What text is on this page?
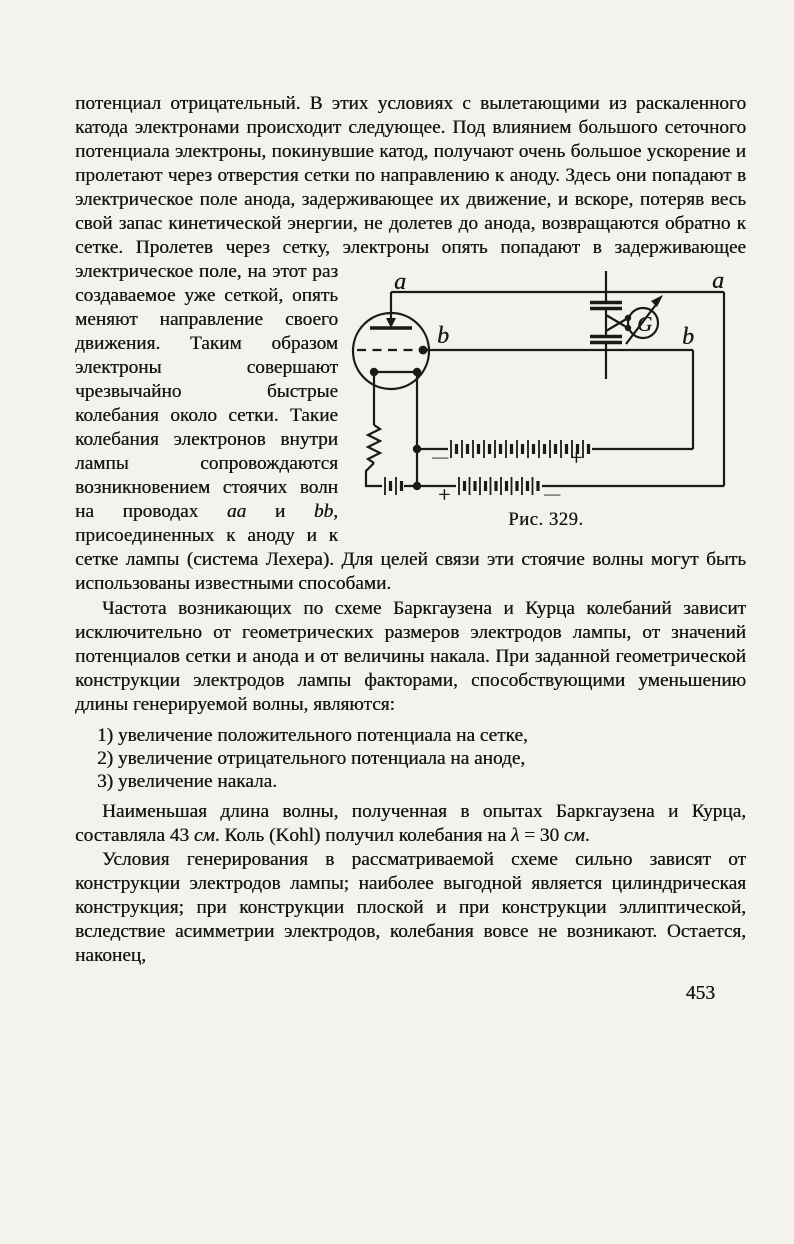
потенциал отрицательный. В этих условиях с вылетающими из раскаленного катода электронами происходит следующее. Под влиянием большого сеточного потенциала электроны, покинувшие катод, получают очень большое ускорение и пролетают через отверстия сетки по направлению к аноду. Здесь они попадают в электрическое поле анода, задерживающее их движение, и вскоре, потеряв весь свой запас кинетической энергии, не долетев до анода, возвращаются обратно к сетке. Пролетев через сетку, электроны опять попадают в
—	+
+	—
G
a	a
b	b
Рис. 329.
задерживающее электрическое поле, на этот раз создаваемое уже сеткой, опять меняют направление своего движения. Таким образом электроны совершают чрезвычайно быстрые колебания около сетки. Такие колебания электронов внутри лампы сопровождаются возникновением стоячих волн на проводах aa и bb, присоединенных к аноду и к сетке лампы (система Лехера). Для целей связи эти стоячие волны могут быть использованы известными способами.

Частота возникающих по схеме Баркгаузена и Курца колебаний зависит исключительно от геометрических размеров электродов лампы, от значений потенциалов сетки и анода и от величины накала. При заданной геометрической конструкции электродов лампы факторами, способствующими уменьшению длины генерируемой волны, являются:

1) увеличение положительного потенциала на сетке,
2) увеличение отрицательного потенциала на аноде,
3) увеличение накала.

Наименьшая длина волны, полученная в опытах Баркгаузена и Курца, составляла 43 см. Коль (Kohl) получил колебания на λ = 30 см.

Условия генерирования в рассматриваемой схеме сильно зависят от конструкции электродов лампы; наиболее выгодной является цилиндрическая конструкция; при конструкции плоской и при конструкции эллиптической, вследствие асимметрии электродов, колебания вовсе не возникают. Остается, наконец,

453
